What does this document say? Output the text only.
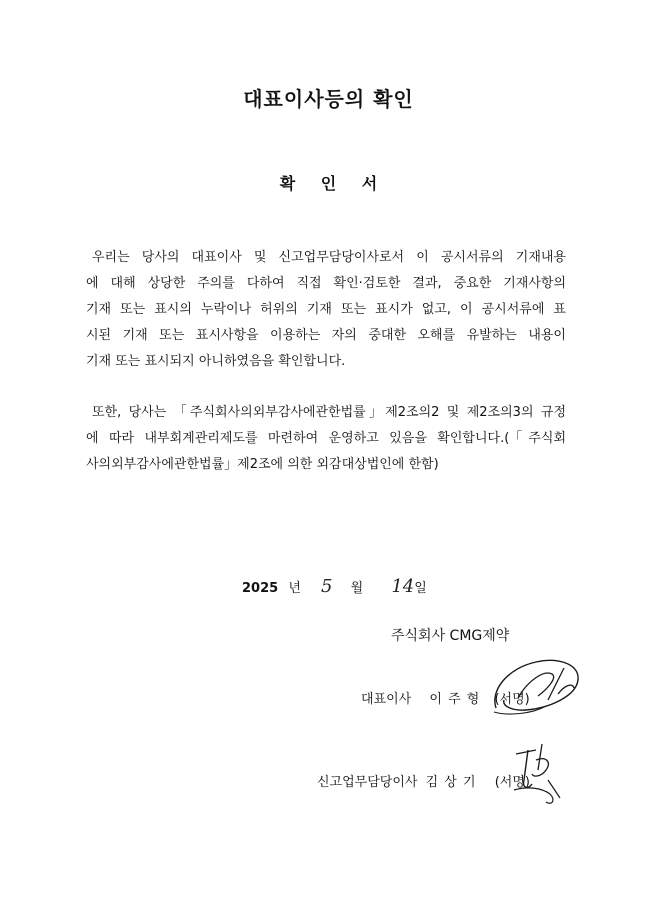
대표이사등의 확인
확 인 서
우리는 당사의 대표이사 및 신고업무담당이사로서 이 공시서류의 기재내용
에 대해 상당한 주의를 다하여 직접 확인·검토한 결과, 중요한 기재사항의
기재 또는 표시의 누락이나 허위의 기재 또는 표시가 없고, 이 공시서류에 표
시된 기재 또는 표시사항을 이용하는 자의 중대한 오해를 유발하는 내용이
기재 또는 표시되지 아니하였음을 확인합니다.
또한, 당사는 「주식회사의외부감사에관한법률」제2조의2 및 제2조의3의 규정
에 따라 내부회계관리제도를 마련하여 운영하고 있음을 확인합니다.(「주식회
사의외부감사에관한법률」제2조에 의한 외감대상법인에 한함)
2025 년 5 월 14일
주식회사 CMG제약
대표이사 이 주 형 (서명)
신고업무담당이사 김 상 기 (서명)
